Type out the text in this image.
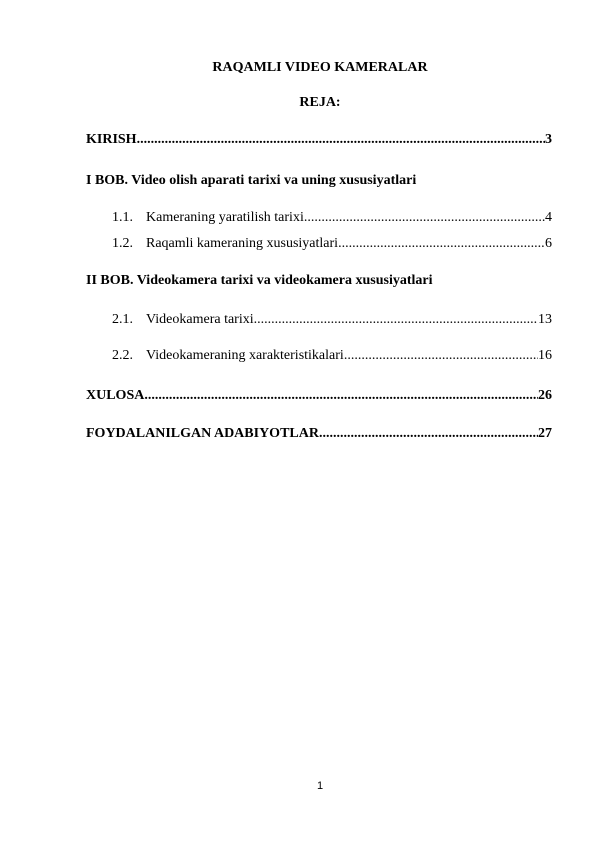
RAQAMLI VIDEO KAMERALAR
REJA:
KIRISH .....	3
I BOB. Video olish aparati tarixi va uning xususiyatlari
1.1. Kameraning yaratilish tarixi .....	4
1.2. Raqamli kameraning xususiyatlari .....	6
II BOB. Videokamera tarixi va videokamera xususiyatlari
2.1. Videokamera tarixi .....	13
2.2. Videokameraning xarakteristikalari .....	16
XULOSA .....	26
FOYDALANILGAN ADABIYOTLAR .....	27
1
